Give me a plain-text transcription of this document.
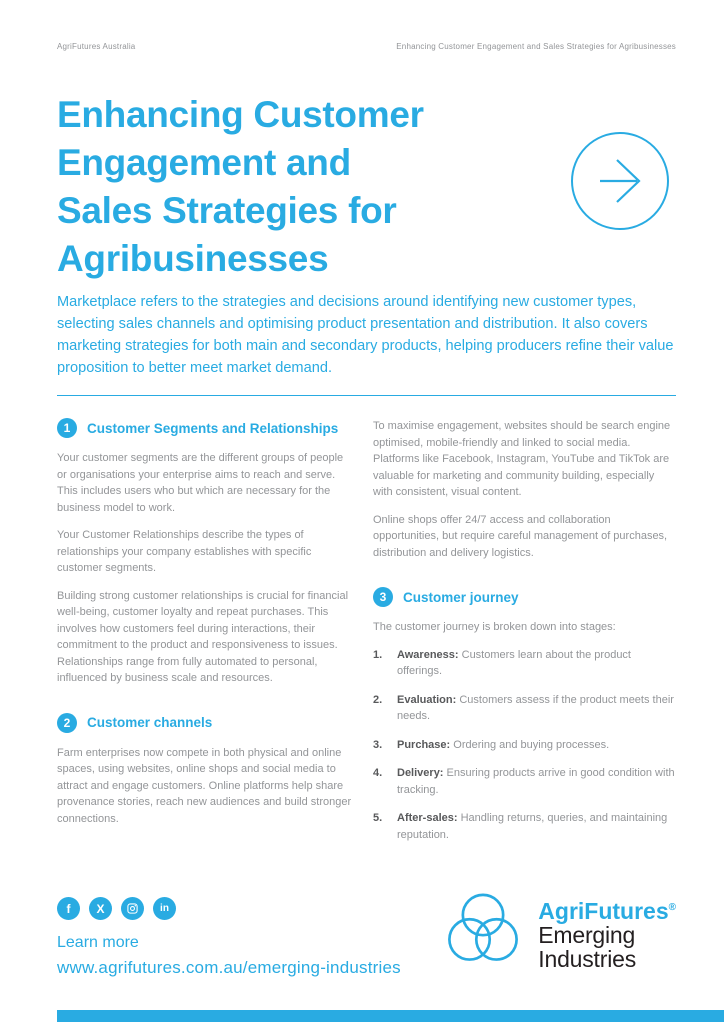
AgriFutures Australia	Enhancing Customer Engagement and Sales Strategies for Agribusinesses
Enhancing Customer
Engagement and
Sales Strategies for
Agribusinesses

Marketplace refers to the strategies and decisions around identifying new customer types, selecting sales channels and optimising product presentation and distribution. It also covers marketing strategies for both main and secondary products, helping producers refine their value proposition to better meet market demand.

1	Customer Segments and Relationships

Your customer segments are the different groups of people or organisations your enterprise aims to reach and serve. This includes users who but which are necessary for the business model to work.

Your Customer Relationships describe the types of relationships your company establishes with specific customer segments.

Building strong customer relationships is crucial for financial well-being, customer loyalty and repeat purchases. This involves how customers feel during interactions, their commitment to the product and responsiveness to issues. Relationships range from fully automated to personal, influenced by business scale and resources.

2	Customer channels

Farm enterprises now compete in both physical and online spaces, using websites, online shops and social media to attract and engage customers. Online platforms help share provenance stories, reach new audiences and build stronger connections.

To maximise engagement, websites should be search engine optimised, mobile-friendly and linked to social media. Platforms like Facebook, Instagram, YouTube and TikTok are valuable for marketing and community building, especially with consistent, visual content.

Online shops offer 24/7 access and collaboration opportunities, but require careful management of purchases, distribution and delivery logistics.

3	Customer journey

The customer journey is broken down into stages:

1.	Awareness: Customers learn about the product offerings.
2.	Evaluation: Customers assess if the product meets their needs.
3.	Purchase: Ordering and buying processes.
4.	Delivery: Ensuring products arrive in good condition with tracking.
5.	After-sales: Handling returns, queries, and maintaining reputation.
f	X	in

Learn more

www.agrifutures.com.au/emerging-industries

AgriFutures®
Emerging
Industries
